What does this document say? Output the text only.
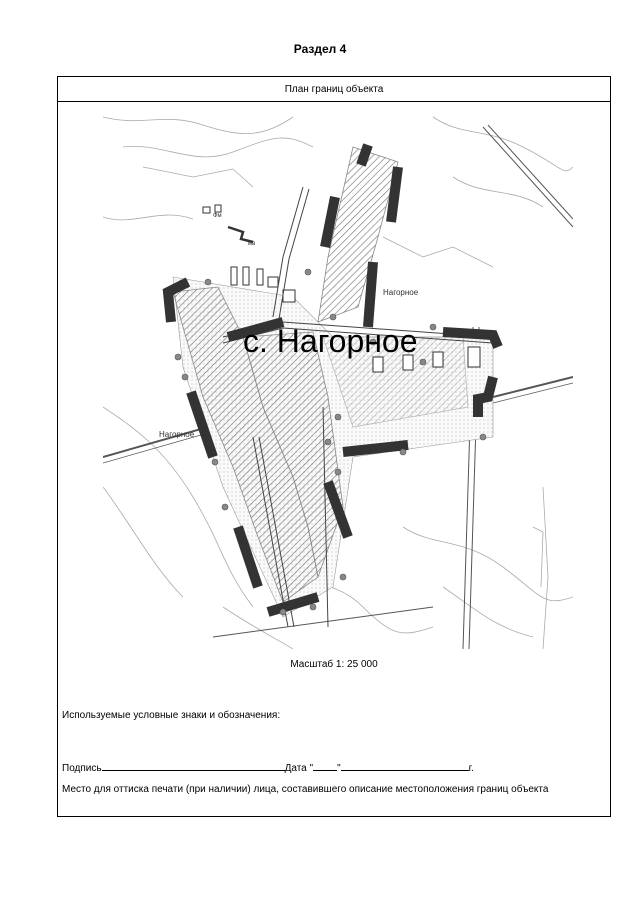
Раздел 4
План границ объекта
с. Нагорное
Нагорное
Нагорное
Фм
мв
Масштаб 1: 25 000
Используемые условные знаки и обозначения:
Подпись	Дата " "	г.
Место для оттиска печати (при наличии) лица, составившего описание местоположения границ объекта
